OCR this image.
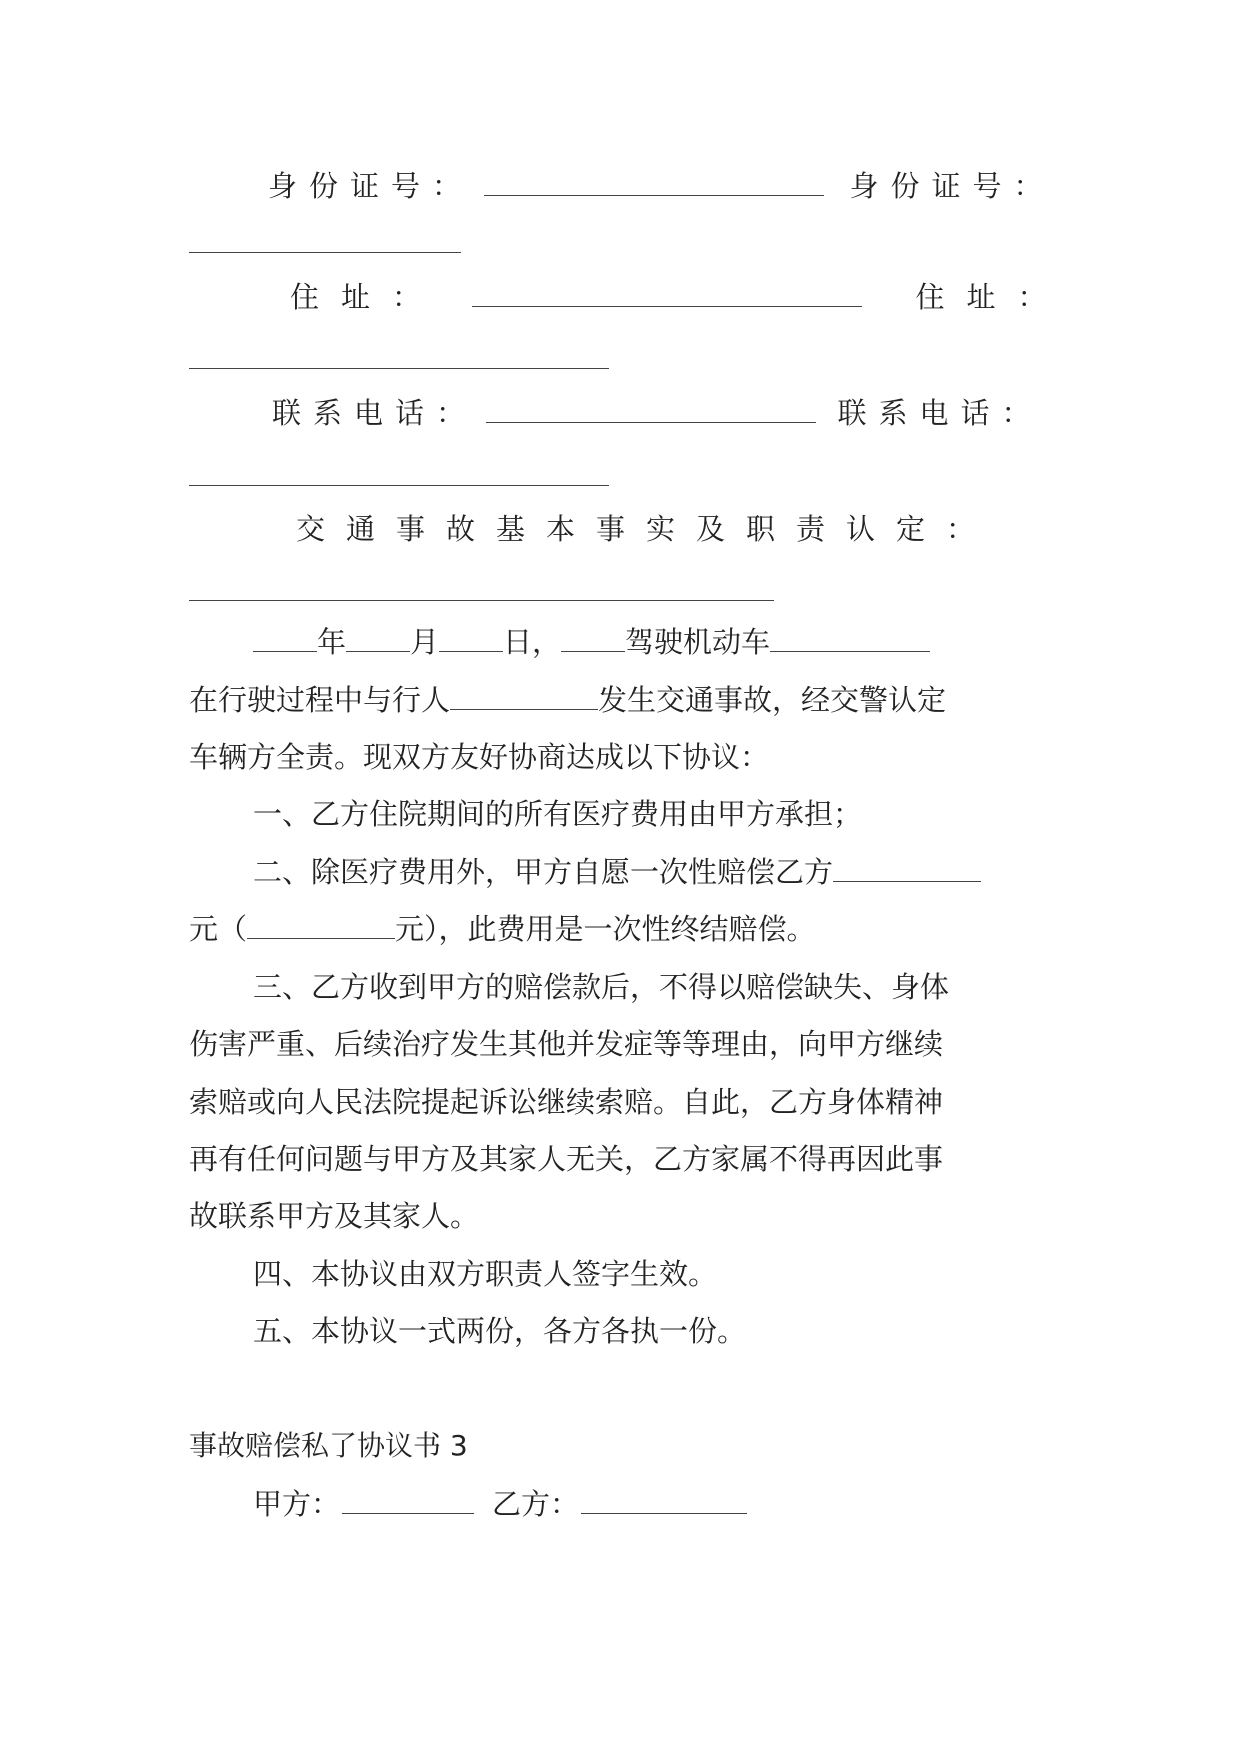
身份证号：	身份证号：
住址：	住址：
联系电话：	联系电话：
交通事故基本事实及职责认定：
年 月 日， 驾驶机动车
在行驶过程中与行人	发生交通事故，经交警认定
车辆方全责。现双方友好协商达成以下协议：
一、乙方住院期间的所有医疗费用由甲方承担；
二、除医疗费用外，甲方自愿一次性赔偿乙方
元（	元），此费用是一次性终结赔偿。
三、乙方收到甲方的赔偿款后，不得以赔偿缺失、身体
伤害严重、后续治疗发生其他并发症等等理由，向甲方继续
索赔或向人民法院提起诉讼继续索赔。自此，乙方身体精神
再有任何问题与甲方及其家人无关，乙方家属不得再因此事
故联系甲方及其家人。
四、本协议由双方职责人签字生效。
五、本协议一式两份，各方各执一份。
事故赔偿私了协议书 3
甲方：	乙方：
